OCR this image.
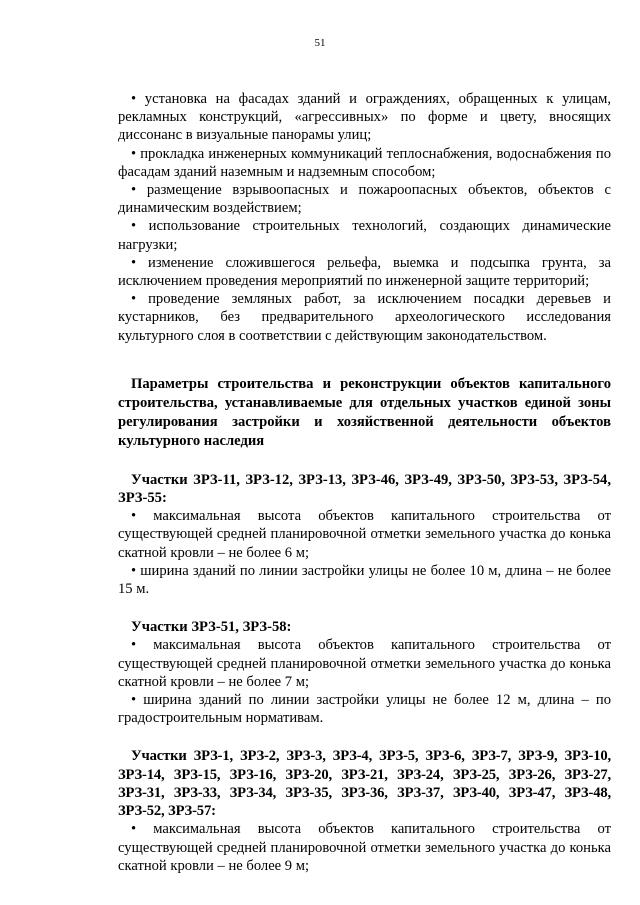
51

• установка на фасадах зданий и ограждениях, обращенных к улицам, рекламных конструкций, «агрессивных» по форме и цвету, вносящих диссонанс в визуальные панорамы улиц;

• прокладка инженерных коммуникаций теплоснабжения, водоснабжения по фасадам зданий наземным и надземным способом;

• размещение взрывоопасных и пожароопасных объектов, объектов с динамическим воздействием;

• использование строительных технологий, создающих динамические нагрузки;

• изменение сложившегося рельефа, выемка и подсыпка грунта, за исключением проведения мероприятий по инженерной защите территорий;

• проведение земляных работ, за исключением посадки деревьев и кустарников, без предварительного археологического исследования культурного слоя в соответствии с действующим законодательством.

Параметры строительства и реконструкции объектов капитального строительства, устанавливаемые для отдельных участков единой зоны регулирования застройки и хозяйственной деятельности объектов культурного наследия

Участки ЗРЗ-11, ЗРЗ-12, ЗРЗ-13, ЗРЗ-46, ЗРЗ-49, ЗРЗ-50, ЗРЗ-53, ЗРЗ-54, ЗРЗ-55:

• максимальная высота объектов капитального строительства от существующей средней планировочной отметки земельного участка до конька скатной кровли – не более 6 м;

• ширина зданий по линии застройки улицы не более 10 м, длина – не более 15 м.

Участки ЗРЗ-51, ЗРЗ-58:

• максимальная высота объектов капитального строительства от существующей средней планировочной отметки земельного участка до конька скатной кровли – не более 7 м;

• ширина зданий по линии застройки улицы не более 12 м, длина – по градостроительным нормативам.

Участки ЗРЗ-1, ЗРЗ-2, ЗРЗ-3, ЗРЗ-4, ЗРЗ-5, ЗРЗ-6, ЗРЗ-7, ЗРЗ-9, ЗРЗ-10, ЗРЗ-14, ЗРЗ-15, ЗРЗ-16, ЗРЗ-20, ЗРЗ-21, ЗРЗ-24, ЗРЗ-25, ЗРЗ-26, ЗРЗ-27, ЗРЗ-31, ЗРЗ-33, ЗРЗ-34, ЗРЗ-35, ЗРЗ-36, ЗРЗ-37, ЗРЗ-40, ЗРЗ-47, ЗРЗ-48, ЗРЗ-52, ЗРЗ-57:

• максимальная высота объектов капитального строительства от существующей средней планировочной отметки земельного участка до конька скатной кровли – не более 9 м;
